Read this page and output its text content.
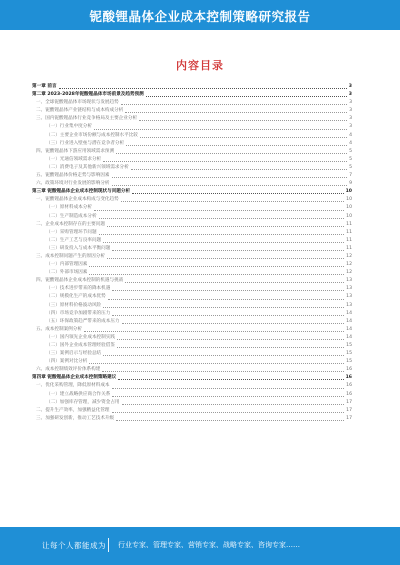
铌酸锂晶体企业成本控制策略研究报告
内容目录
第一章 前言	3
第二章 2023-2028年铌酸锂晶体市场前景及趋势预测	3
一、全球铌酸锂晶体市场现状与发展趋势	3
二、铌酸锂晶体产业链结构与成本构成分析	3
三、国内铌酸锂晶体行业竞争格局及主要企业分析	3
（一）行业集中度分析	3
（二）主要企业市场份额与成本控制水平比较	4
（三）行业进入壁垒与潜在竞争者分析	4
四、铌酸锂晶体下游应用领域需求预测	5
（一）光通信领域需求分析	5
（二）消费电子及其他新兴领域需求分析	5
五、铌酸锂晶体价格走势与影响因素	7
六、政策环境对行业发展的影响分析	9
第三章 铌酸锂晶体企业成本控制现状与问题分析	10
一、铌酸锂晶体企业成本构成与变化趋势	10
（一）原材料成本分析	10
（二）生产制造成本分析	10
二、企业成本控制存在的主要问题	11
（一）采购管理环节问题	11
（二）生产工艺与良率问题	11
（三）研发投入与成本平衡问题	11
三、成本控制问题产生的原因分析	12
（一）内部管理因素	12
（二）外部市场因素	12
四、铌酸锂晶体企业成本控制的机遇与挑战	13
（一）技术进步带来的降本机遇	13
（二）规模化生产的成本优势	13
（三）原材料价格波动风险	13
（四）市场竞争加剧带来的压力	14
（五）环保政策趋严带来的成本压力	14
五、成本控制案例分析	14
（一）国内领先企业成本控制实践	14
（二）国外企业成本管理经验借鉴	15
（三）案例启示与经验总结	15
（四）案例对比分析	15
六、成本控制绩效评价体系构建	16
第四章 铌酸锂晶体企业成本控制策略建议	16
一、优化采购管理，降低原材料成本	16
（一）建立战略供应商合作关系	16
（二）加强库存管理，减少资金占用	17
二、提升生产效率，加强精益化管理	17
三、加强研发创新，推动工艺技术升级	17
让每个人都能成为 行业专家、管理专家、营销专家、战略专家、咨询专家……
